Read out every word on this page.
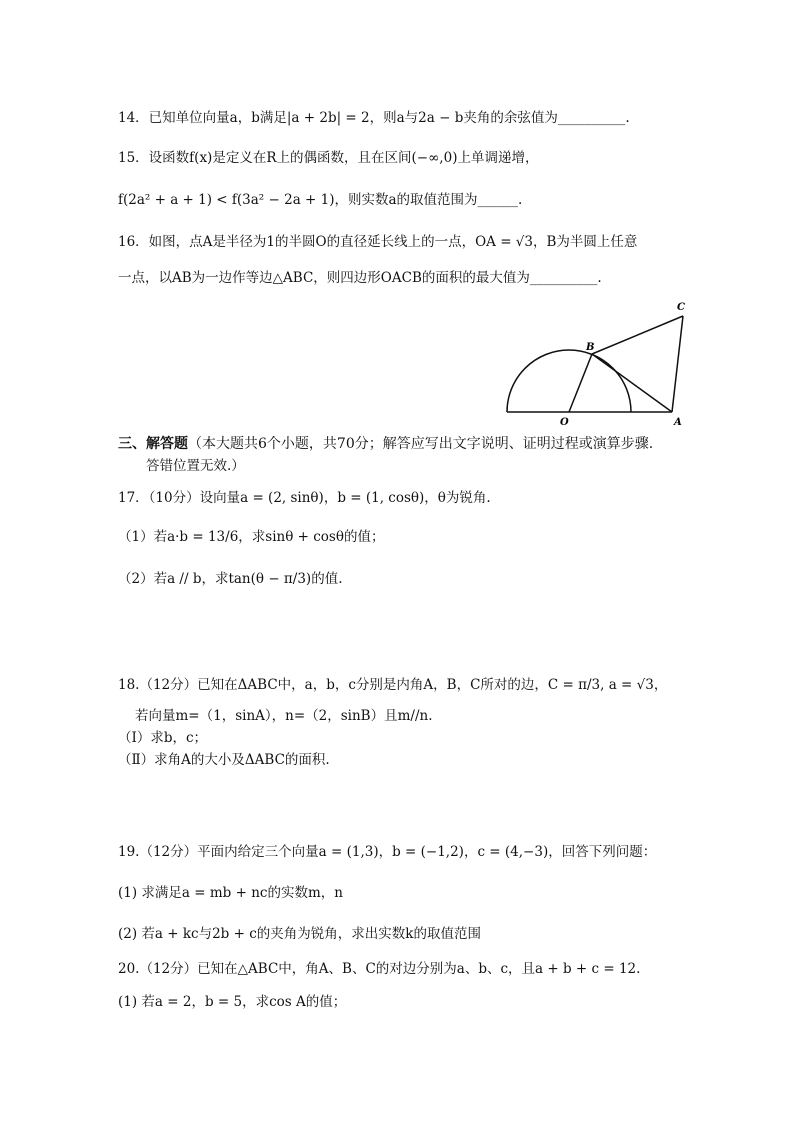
14．已知单位向量a，b满足|a + 2b| = 2，则a与2a − b夹角的余弦值为__________.
15．设函数f(x)是定义在R上的偶函数，且在区间(−∞,0)上单调递增，
f(2a² + a + 1) < f(3a² − 2a + 1)，则实数a的取值范围为______.
16．如图，点A是半径为1的半圆O的直径延长线上的一点，OA = √3，B为半圆上任意
一点，以AB为一边作等边△ABC，则四边形OACB的面积的最大值为__________.
C
B
O	A
三、解答题（本大题共6个小题，共70分；解答应写出文字说明、证明过程或演算步骤.
答错位置无效.）
17．（10分）设向量a = (2, sinθ)，b = (1, cosθ)，θ为锐角.
（1）若a·b = 13/6，求sinθ + cosθ的值；
（2）若a // b，求tan(θ − π/3)的值.
18.（12分）已知在ΔABC中，a，b，c分别是内角A，B，C所对的边，C = π/3, a = √3，
若向量m=（1，sinA），n=（2，sinB）且m//n.
（Ⅰ）求b，c；
（Ⅱ）求角A的大小及ΔABC的面积.
19.（12分）平面内给定三个向量a = (1,3)，b = (−1,2)，c = (4,−3)，回答下列问题：
(1) 求满足a = mb + nc的实数m，n
(2) 若a + kc与2b + c的夹角为锐角，求出实数k的取值范围
20.（12分）已知在△ABC中，角A、B、C的对边分别为a、b、c，且a + b + c = 12.
(1) 若a = 2，b = 5，求cos A的值；
